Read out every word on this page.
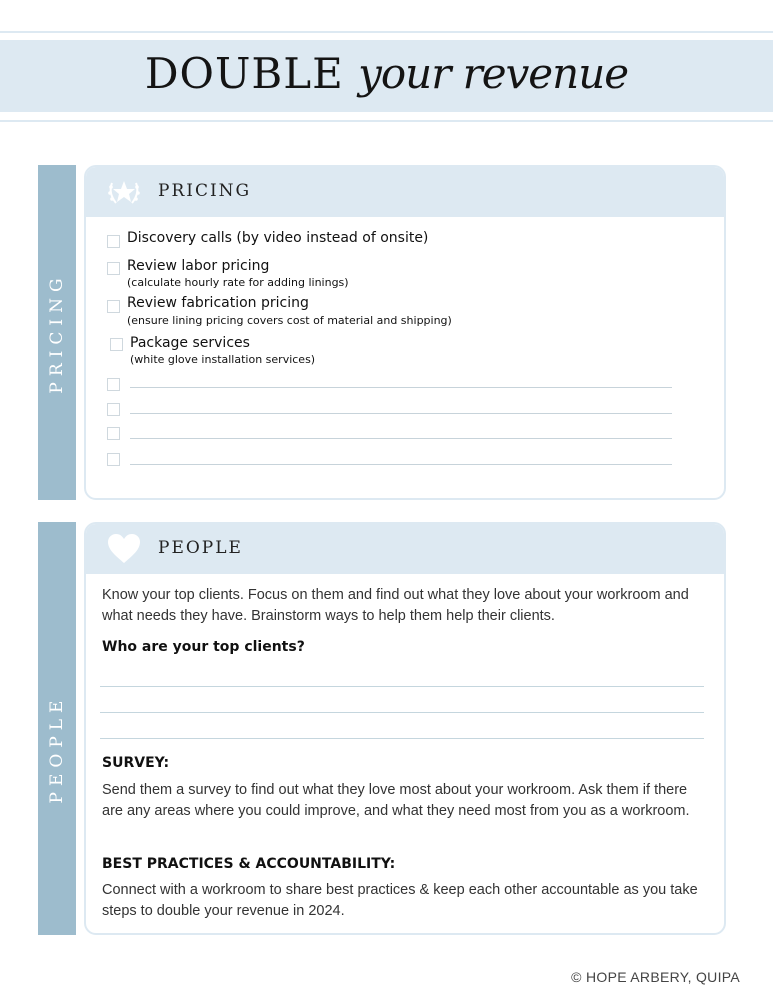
DOUBLE your revenue
PRICING
PRICING
Discovery calls (by video instead of onsite)
Review labor pricing
(calculate hourly rate for adding linings)
Review fabrication pricing
(ensure lining pricing covers cost of material and shipping)
Package services
(white glove installation services)
PEOPLE
PEOPLE
Know your top clients. Focus on them and find out what they love about your workroom and what needs they have. Brainstorm ways to help them help their clients.
Who are your top clients?
SURVEY:
Send them a survey to find out what they love most about your workroom. Ask them if there are any areas where you could improve, and what they need most from you as a workroom.
BEST PRACTICES & ACCOUNTABILITY:
Connect with a workroom to share best practices & keep each other accountable as you take steps to double your revenue in 2024.
© HOPE ARBERY, QUIPA
